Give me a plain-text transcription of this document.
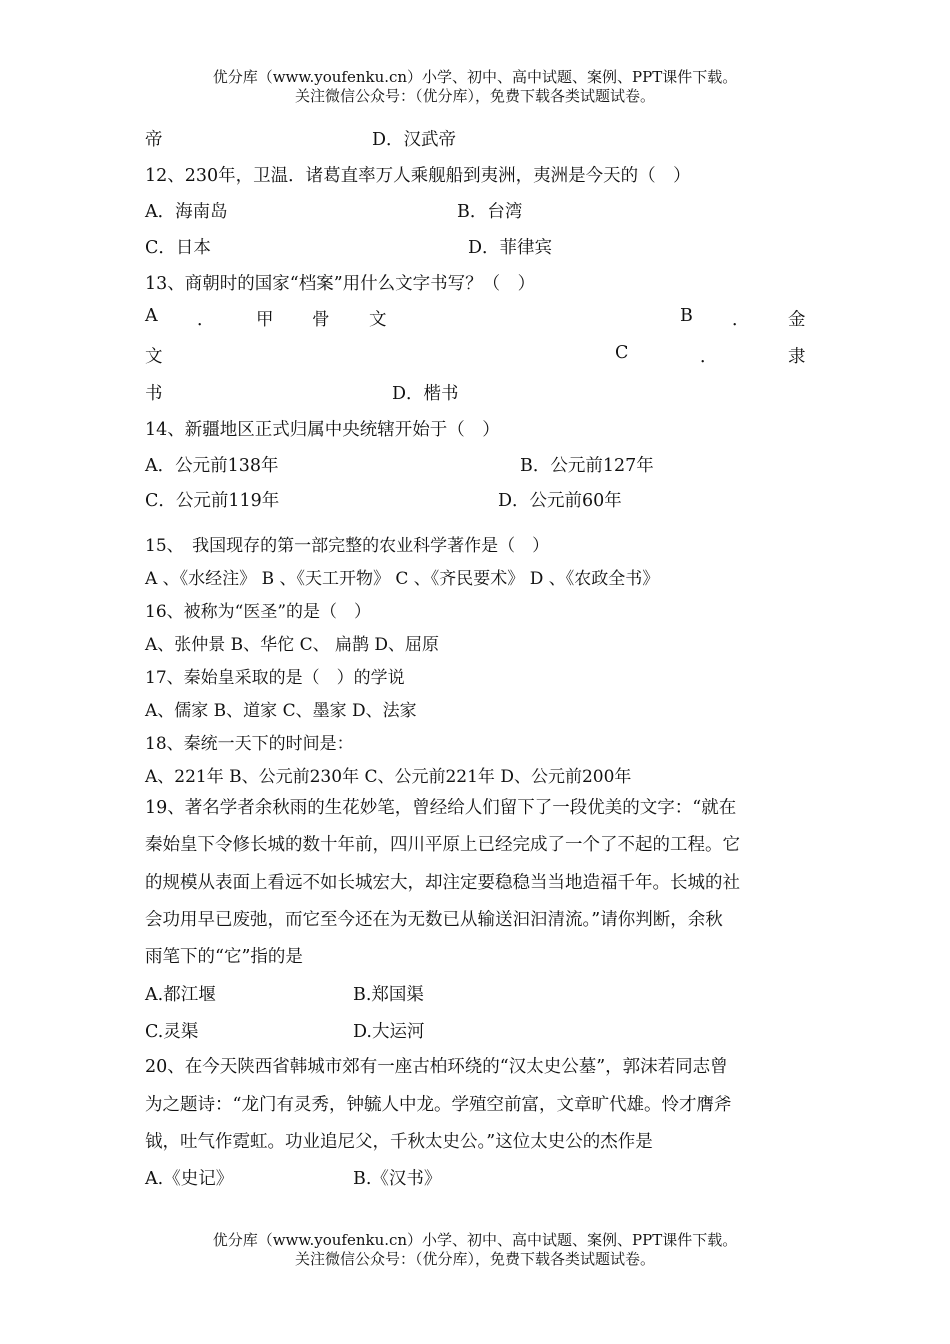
优分库（www.youfenku.cn）小学、初中、高中试题、案例、PPT课件下载。
关注微信公众号：（优分库），免费下载各类试题试卷。
帝	D．汉武帝
12、230年，卫温．诸葛直率万人乘舰船到夷洲，夷洲是今天的（　）
A．海南岛	B．台湾
C．日本	D．菲律宾
13、商朝时的国家“档案”用什么文字书写？（　）
A ． 甲 骨 文	B ． 金
文	C	．	隶
书	D．楷书
14、新疆地区正式归属中央统辖开始于（　）
A．公元前138年	B．公元前127年
C．公元前119年	D．公元前60年
15、　我国现存的第一部完整的农业科学著作是（　）
A 、《水经注》 B 、《天工开物》 C 、《齐民要术》 D 、《农政全书》
16、被称为“医圣”的是（　）
A、张仲景 B、华佗 C、 扁鹊 D、屈原
17、秦始皇采取的是（　）的学说
A、儒家 B、道家 C、墨家 D、法家
18、秦统一天下的时间是：
A、221年 B、公元前230年 C、公元前221年 D、公元前200年
19、著名学者余秋雨的生花妙笔，曾经给人们留下了一段优美的文字：“就在
秦始皇下令修长城的数十年前，四川平原上已经完成了一个了不起的工程。它
的规模从表面上看远不如长城宏大，却注定要稳稳当当地造福千年。长城的社
会功用早已废弛，而它至今还在为无数已从输送汩汩清流。”请你判断，余秋
雨笔下的“它”指的是
A.都江堰	B.郑国渠
C.灵渠	D.大运河
20、在今天陕西省韩城市郊有一座古柏环绕的“汉太史公墓”，郭沫若同志曾
为之题诗：“龙门有灵秀，钟毓人中龙。学殖空前富，文章旷代雄。怜才膺斧
钺，吐气作霓虹。功业追尼父，千秋太史公。”这位太史公的杰作是
A.《史记》	B.《汉书》
优分库（www.youfenku.cn）小学、初中、高中试题、案例、PPT课件下载。
关注微信公众号：（优分库），免费下载各类试题试卷。
